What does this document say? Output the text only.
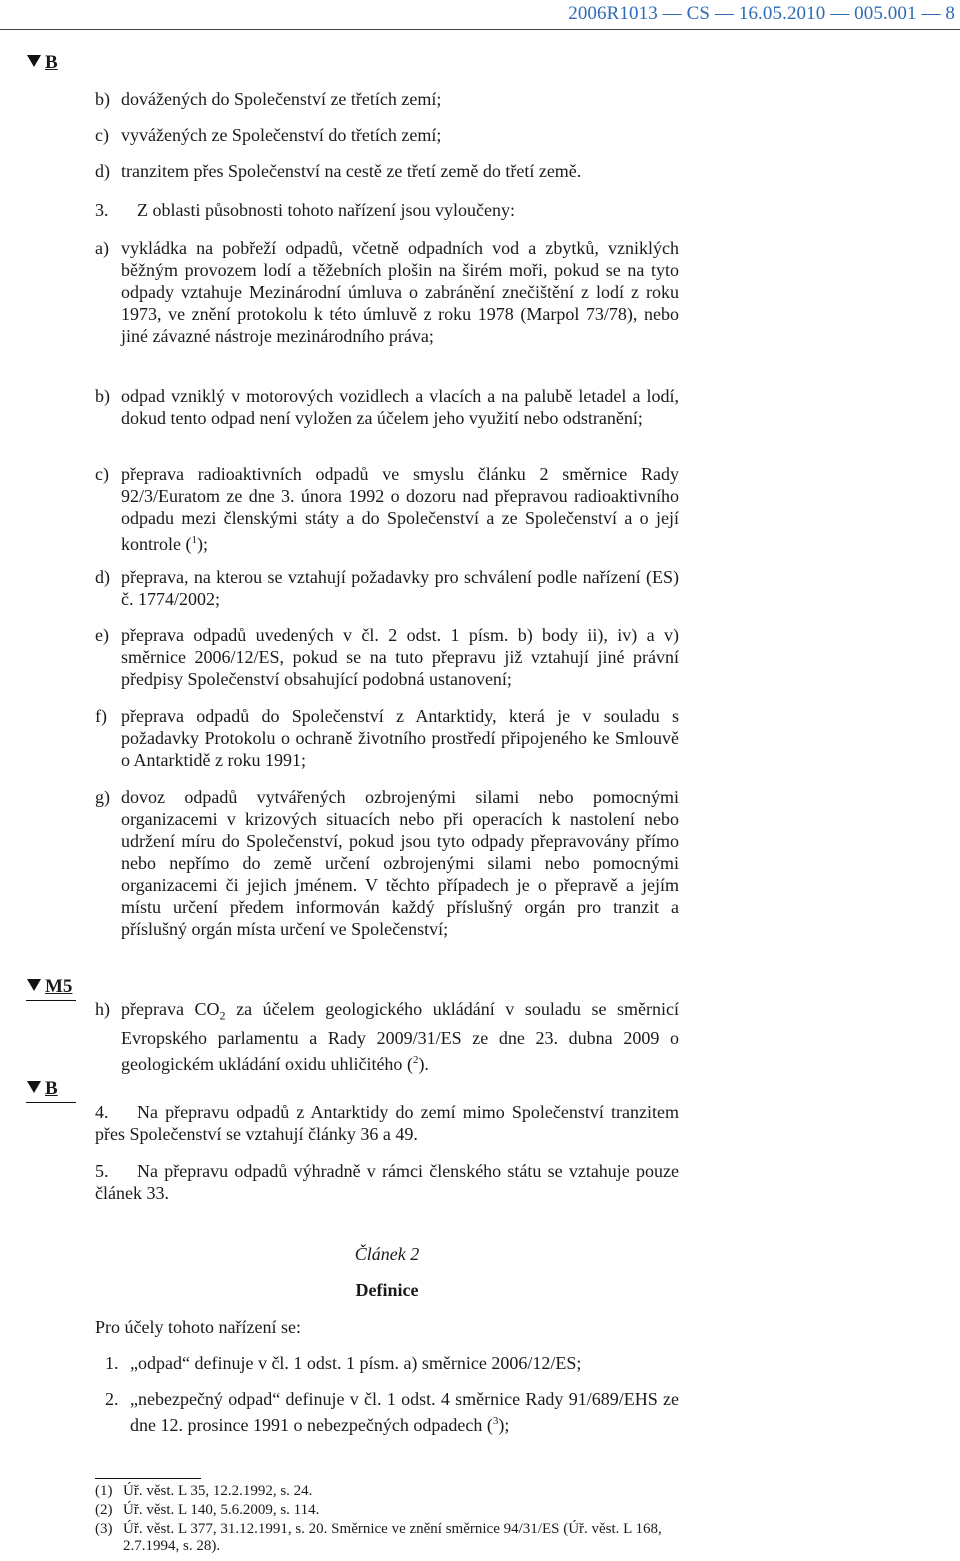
2006R1013 — CS — 16.05.2010 — 005.001 — 8
B
M5
B
b) dovážených do Společenství ze třetích zemí;
c) vyvážených ze Společenství do třetích zemí;
d) tranzitem přes Společenství na cestě ze třetí země do třetí země.
3. Z oblasti působnosti tohoto nařízení jsou vyloučeny:
a) vykládka na pobřeží odpadů, včetně odpadních vod a zbytků, vzniklých běžným provozem lodí a těžebních plošin na širém moři, pokud se na tyto odpady vztahuje Mezinárodní úmluva o zabránění znečištění z lodí z roku 1973, ve znění protokolu k této úmluvě z roku 1978 (Marpol 73/78), nebo jiné závazné nástroje mezinárodního práva;
b) odpad vzniklý v motorových vozidlech a vlacích a na palubě letadel a lodí, dokud tento odpad není vyložen za účelem jeho využití nebo odstranění;
c) přeprava radioaktivních odpadů ve smyslu článku 2 směrnice Rady 92/3/Euratom ze dne 3. února 1992 o dozoru nad přepravou radioaktivního odpadu mezi členskými státy a do Společenství a ze Společenství a o její kontrole ($^1$);
d) přeprava, na kterou se vztahují požadavky pro schválení podle nařízení (ES) č. 1774/2002;
e) přeprava odpadů uvedených v čl. 2 odst. 1 písm. b) body ii), iv) a v) směrnice 2006/12/ES, pokud se na tuto přepravu již vztahují jiné právní předpisy Společenství obsahující podobná ustanovení;
f) přeprava odpadů do Společenství z Antarktidy, která je v souladu s požadavky Protokolu o ochraně životního prostředí připojeného ke Smlouvě o Antarktidě z roku 1991;
g) dovoz odpadů vytvářených ozbrojenými silami nebo pomocnými organizacemi v krizových situacích nebo při operacích k nastolení nebo udržení míru do Společenství, pokud jsou tyto odpady přepravovány přímo nebo nepřímo do země určení ozbrojenými silami nebo pomocnými organizacemi či jejich jménem. V těchto případech je o přepravě a jejím místu určení předem informován každý příslušný orgán pro tranzit a příslušný orgán místa určení ve Společenství;
h) přeprava $CO_2$ za účelem geologického ukládání v souladu se směrnicí Evropského parlamentu a Rady 2009/31/ES ze dne 23. dubna 2009 o geologickém ukládání oxidu uhličitého ($^2$).
4. Na přepravu odpadů z Antarktidy do zemí mimo Společenství tranzitem přes Společenství se vztahují články 36 a 49.
5. Na přepravu odpadů výhradně v rámci členského státu se vztahuje pouze článek 33.
Článek 2
Definice
Pro účely tohoto nařízení se:
1. „odpad“ definuje v čl. 1 odst. 1 písm. a) směrnice 2006/12/ES;
2. „nebezpečný odpad“ definuje v čl. 1 odst. 4 směrnice Rady 91/689/EHS ze dne 12. prosince 1991 o nebezpečných odpadech ($^3$);
(1) Úř. věst. L 35, 12.2.1992, s. 24.
(2) Úř. věst. L 140, 5.6.2009, s. 114.
(3) Úř. věst. L 377, 31.12.1991, s. 20. Směrnice ve znění směrnice 94/31/ES (Úř. věst. L 168, 2.7.1994, s. 28).
